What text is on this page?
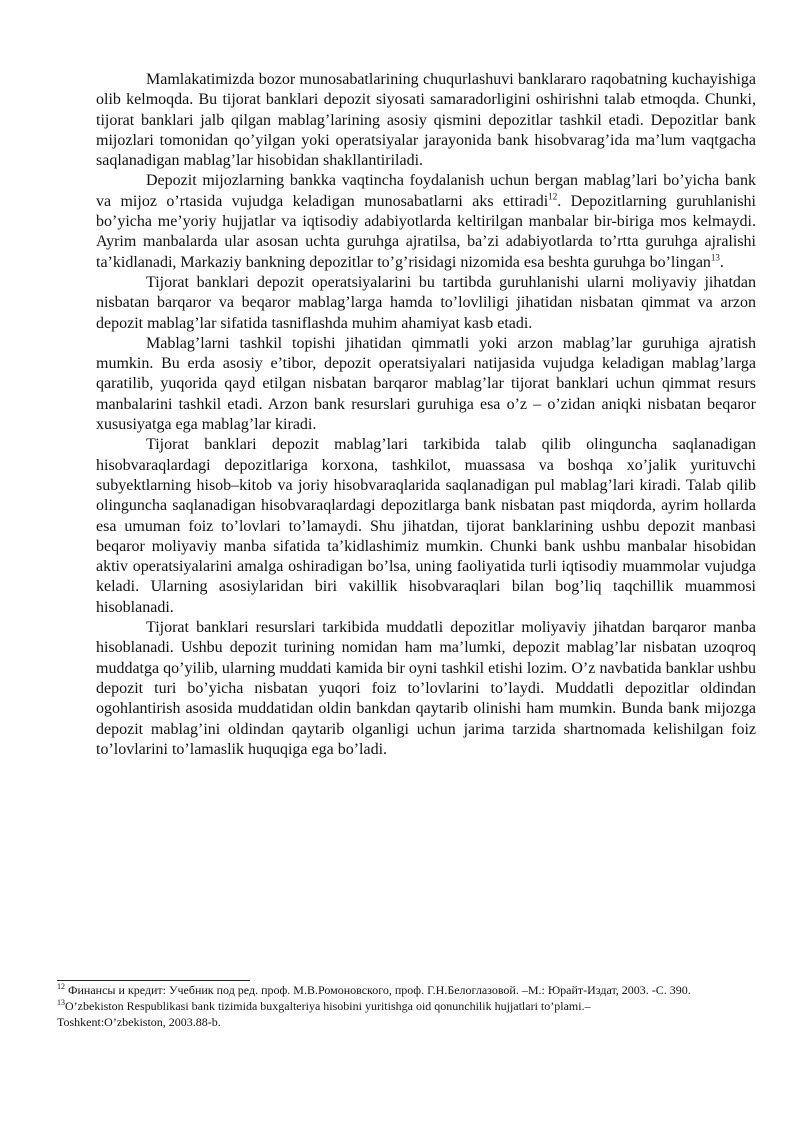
Mamlakatimizda bozor munosabatlarining chuqurlashuvi banklararo raqobatning kuchayishiga olib kelmoqda. Bu tijorat banklari depozit siyosati samaradorligini oshirishni talab etmoqda. Chunki, tijorat banklari jalb qilgan mablag’larining asosiy qismini depozitlar tashkil etadi. Depozitlar bank mijozlari tomonidan qo’yilgan yoki operatsiyalar jarayonida bank hisobvarag’ida ma’lum vaqtgacha saqlanadigan mablag’lar hisobidan shakllantiriladi.

Depozit mijozlarning bankka vaqtincha foydalanish uchun bergan mablag’lari bo’yicha bank va mijoz o’rtasida vujudga keladigan munosabatlarni aks ettiradi$^{12}$. Depozitlarning guruhlanishi bo’yicha me’yoriy hujjatlar va iqtisodiy adabiyotlarda keltirilgan manbalar bir-biriga mos kelmaydi. Ayrim manbalarda ular asosan uchta guruhga ajratilsa, ba’zi adabiyotlarda to’rtta guruhga ajralishi ta’kidlanadi, Markaziy bankning depozitlar to’g’risidagi nizomida esa beshta guruhga bo’lingan$^{13}$.

Tijorat banklari depozit operatsiyalarini bu tartibda guruhlanishi ularni moliyaviy jihatdan nisbatan barqaror va beqaror mablag’larga hamda to’lovliligi jihatidan nisbatan qimmat va arzon depozit mablag’lar sifatida tasniflashda muhim ahamiyat kasb etadi.

Mablag’larni tashkil topishi jihatidan qimmatli yoki arzon mablag’lar guruhiga ajratish mumkin. Bu erda asosiy e’tibor, depozit operatsiyalari natijasida vujudga keladigan mablag’larga qaratilib, yuqorida qayd etilgan nisbatan barqaror mablag’lar tijorat banklari uchun qimmat resurs manbalarini tashkil etadi. Arzon bank resurslari guruhiga esa o’z – o’zidan aniqki nisbatan beqaror xususiyatga ega mablag’lar kiradi.

Tijorat banklari depozit mablag’lari tarkibida talab qilib olinguncha saqlanadigan hisobvaraqlardagi depozitlariga korxona, tashkilot, muassasa va boshqa xo’jalik yurituvchi subyektlarning hisob–kitob va joriy hisobvaraqlarida saqlanadigan pul mablag’lari kiradi. Talab qilib olinguncha saqlanadigan hisobvaraqlardagi depozitlarga bank nisbatan past miqdorda, ayrim hollarda esa umuman foiz to’lovlari to’lamaydi. Shu jihatdan, tijorat banklarining ushbu depozit manbasi beqaror moliyaviy manba sifatida ta’kidlashimiz mumkin. Chunki bank ushbu manbalar hisobidan aktiv operatsiyalarini amalga oshiradigan bo’lsa, uning faoliyatida turli iqtisodiy muammolar vujudga keladi. Ularning asosiylaridan biri vakillik hisobvaraqlari bilan bog’liq taqchillik muammosi hisoblanadi.

Tijorat banklari resurslari tarkibida muddatli depozitlar moliyaviy jihatdan barqaror manba hisoblanadi. Ushbu depozit turining nomidan ham ma’lumki, depozit mablag’lar nisbatan uzoqroq muddatga qo’yilib, ularning muddati kamida bir oyni tashkil etishi lozim. O’z navbatida banklar ushbu depozit turi bo’yicha nisbatan yuqori foiz to’lovlarini to’laydi. Muddatli depozitlar oldindan ogohlantirish asosida muddatidan oldin bankdan qaytarib olinishi ham mumkin. Bunda bank mijozga depozit mablag’ini oldindan qaytarib olganligi uchun jarima tarzida shartnomada kelishilgan foiz to’lovlarini to’lamaslik huquqiga ega bo’ladi.

$^{12}$ Финансы и кредит: Учебник под ред. проф. М.В.Ромоновского, проф. Г.Н.Белоглазовой. –М.: Юрайт-Издат, 2003. -С. 390.

$^{13}$O’zbekiston Respublikasi bank tizimida buxgalteriya hisobini yuritishga oid qonunchilik hujjatlari to’plami.– Toshkent:O’zbekiston, 2003.88-b.
